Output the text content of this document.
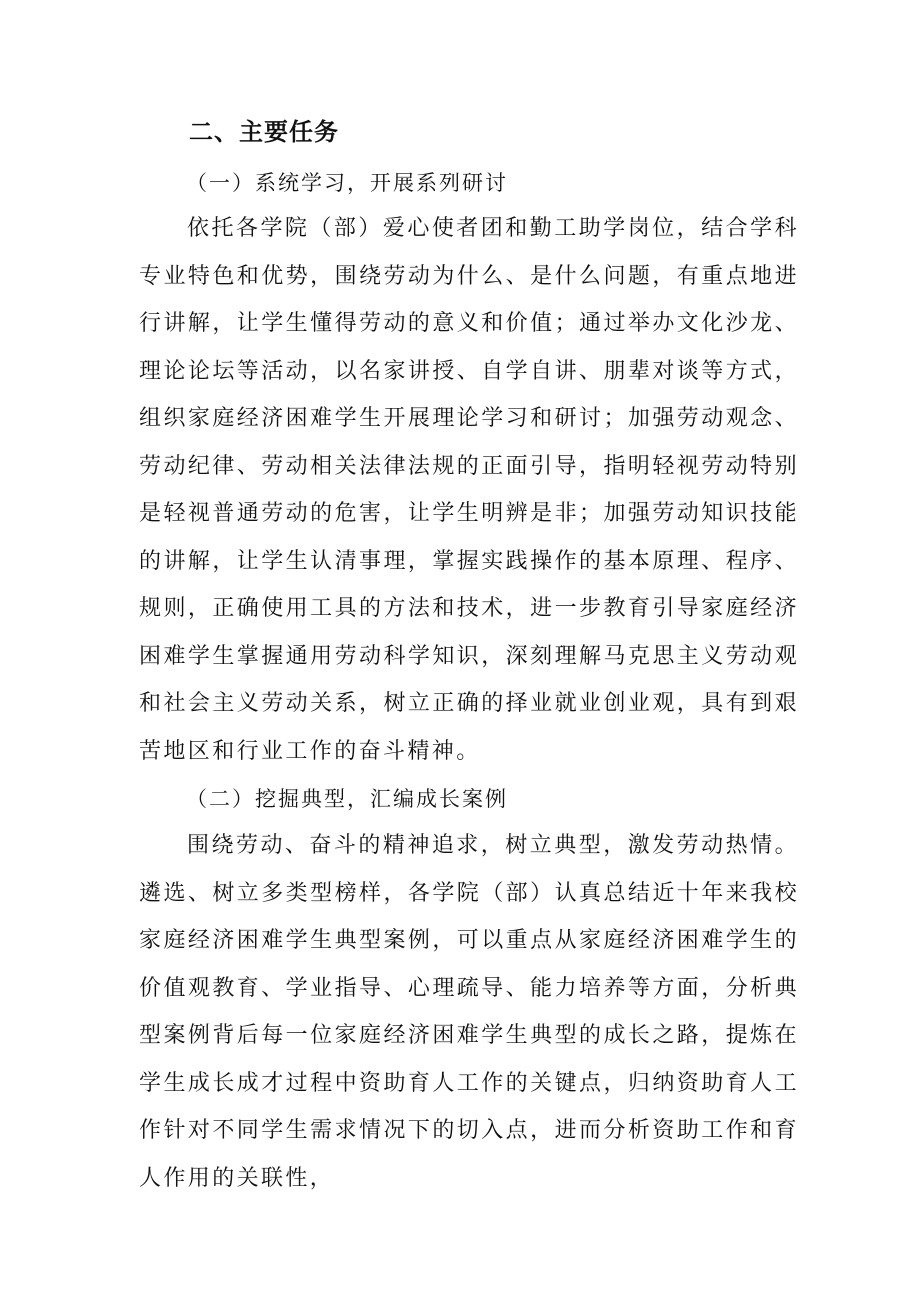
二、主要任务
（一）系统学习，开展系列研讨

依托各学院（部）爱心使者团和勤工助学岗位，结合学科专业特色和优势，围绕劳动为什么、是什么问题，有重点地进行讲解，让学生懂得劳动的意义和价值；通过举办文化沙龙、理论论坛等活动，以名家讲授、自学自讲、朋辈对谈等方式，组织家庭经济困难学生开展理论学习和研讨；加强劳动观念、劳动纪律、劳动相关法律法规的正面引导，指明轻视劳动特别是轻视普通劳动的危害，让学生明辨是非；加强劳动知识技能的讲解，让学生认清事理，掌握实践操作的基本原理、程序、规则，正确使用工具的方法和技术，进一步教育引导家庭经济困难学生掌握通用劳动科学知识，深刻理解马克思主义劳动观和社会主义劳动关系，树立正确的择业就业创业观，具有到艰苦地区和行业工作的奋斗精神。

（二）挖掘典型，汇编成长案例

围绕劳动、奋斗的精神追求，树立典型，激发劳动热情。遴选、树立多类型榜样，各学院（部）认真总结近十年来我校家庭经济困难学生典型案例，可以重点从家庭经济困难学生的价值观教育、学业指导、心理疏导、能力培养等方面，分析典型案例背后每一位家庭经济困难学生典型的成长之路，提炼在学生成长成才过程中资助育人工作的关键点，归纳资助育人工作针对不同学生需求情况下的切入点，进而分析资助工作和育人作用的关联性，
